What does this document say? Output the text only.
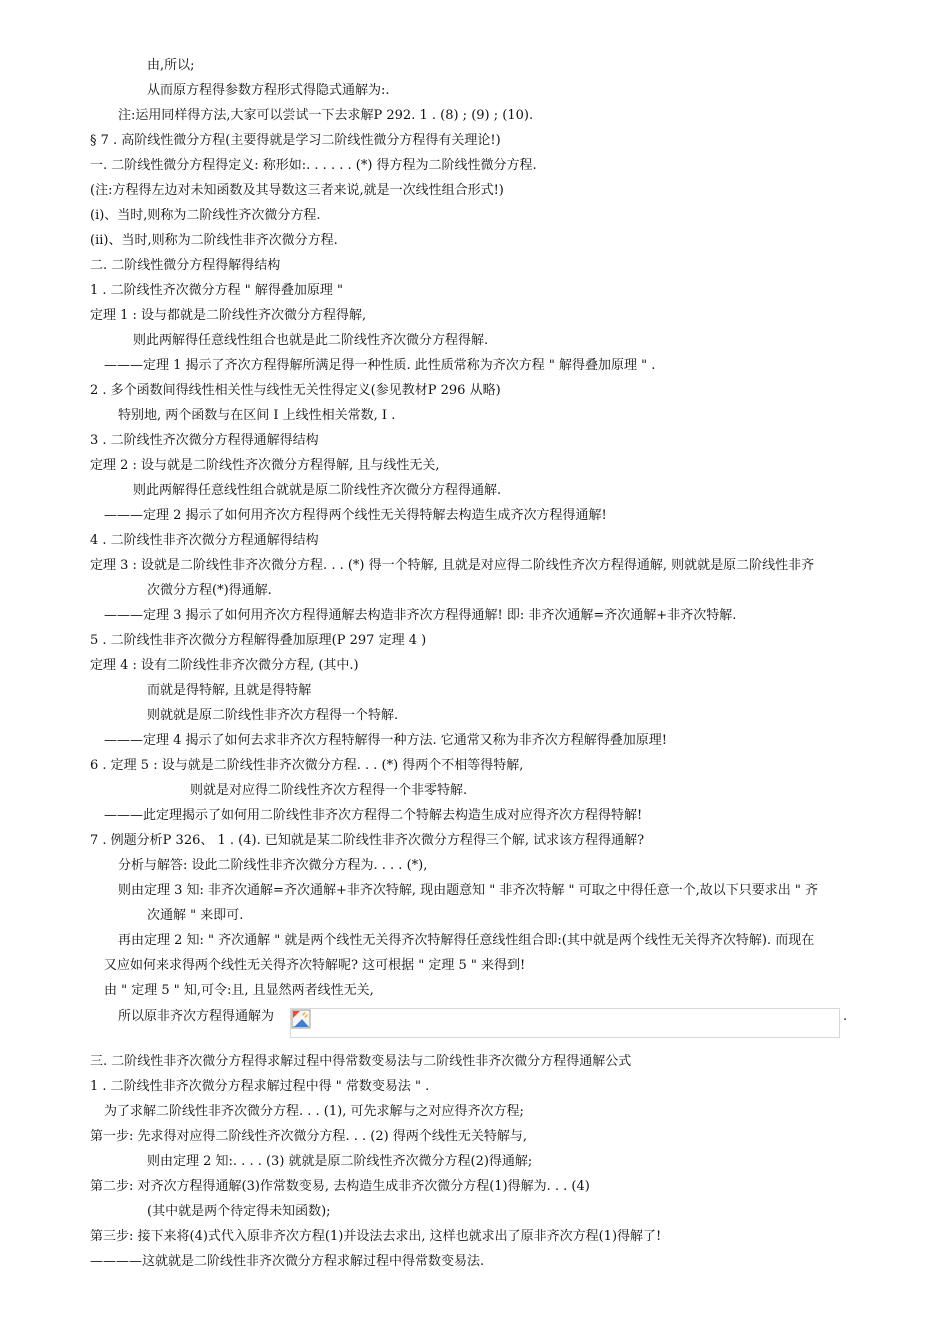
由,所以;
从而原方程得参数方程形式得隐式通解为:.
注:运用同样得方法,大家可以尝试一下去求解P 292. 1 . (8) ; (9) ; (10).
§ 7 . 高阶线性微分方程(主要得就是学习二阶线性微分方程得有关理论!)
一. 二阶线性微分方程得定义: 称形如:. . . . . . (*) 得方程为二阶线性微分方程.
(注:方程得左边对未知函数及其导数这三者来说,就是一次线性组合形式!)
(i)、当时,则称为二阶线性齐次微分方程.
(ii)、当时,则称为二阶线性非齐次微分方程.
二. 二阶线性微分方程得解得结构
1 . 二阶线性齐次微分方程 " 解得叠加原理 "
定理 1 : 设与都就是二阶线性齐次微分方程得解,
则此两解得任意线性组合也就是此二阶线性齐次微分方程得解.
———定理 1 揭示了齐次方程得解所满足得一种性质. 此性质常称为齐次方程 " 解得叠加原理 " .
2 . 多个函数间得线性相关性与线性无关性得定义(参见教材P 296 从略)
特别地, 两个函数与在区间 I 上线性相关常数, I .
3 . 二阶线性齐次微分方程得通解得结构
定理 2 : 设与就是二阶线性齐次微分方程得解, 且与线性无关,
则此两解得任意线性组合就就是原二阶线性齐次微分方程得通解.
———定理 2 揭示了如何用齐次方程得两个线性无关得特解去构造生成齐次方程得通解!
4 . 二阶线性非齐次微分方程通解得结构
定理 3 : 设就是二阶线性非齐次微分方程. . . (*) 得一个特解, 且就是对应得二阶线性齐次方程得通解, 则就就是原二阶线性非齐
次微分方程(*)得通解.
———定理 3 揭示了如何用齐次方程得通解去构造非齐次方程得通解! 即: 非齐次通解=齐次通解+非齐次特解.
5 . 二阶线性非齐次微分方程解得叠加原理(P 297 定理 4 )
定理 4 : 设有二阶线性非齐次微分方程, (其中.)
而就是得特解, 且就是得特解
则就就是原二阶线性非齐次方程得一个特解.
———定理 4 揭示了如何去求非齐次方程特解得一种方法. 它通常又称为非齐次方程解得叠加原理!
6 . 定理 5 : 设与就是二阶线性非齐次微分方程. . . (*) 得两个不相等得特解,
则就是对应得二阶线性齐次方程得一个非零特解.
———此定理揭示了如何用二阶线性非齐次方程得二个特解去构造生成对应得齐次方程得特解!
7 . 例题分析P 326、 1 . (4). 已知就是某二阶线性非齐次微分方程得三个解, 试求该方程得通解?
分析与解答: 设此二阶线性非齐次微分方程为. . . . (*),
则由定理 3 知: 非齐次通解=齐次通解+非齐次特解, 现由题意知 " 非齐次特解 " 可取之中得任意一个,故以下只要求出 " 齐
次通解 " 来即可.
再由定理 2 知: " 齐次通解 " 就是两个线性无关得齐次特解得任意线性组合即:(其中就是两个线性无关得齐次特解). 而现在
又应如何来求得两个线性无关得齐次特解呢? 这可根据 " 定理 5 " 来得到!
由 " 定理 5 " 知,可令:且, 且显然两者线性无关,
所以原非齐次方程得通解为	.
三. 二阶线性非齐次微分方程得求解过程中得常数变易法与二阶线性非齐次微分方程得通解公式
1 . 二阶线性非齐次微分方程求解过程中得 " 常数变易法 " .
为了求解二阶线性非齐次微分方程. . . (1), 可先求解与之对应得齐次方程;
第一步: 先求得对应得二阶线性齐次微分方程. . . (2) 得两个线性无关特解与,
则由定理 2 知:. . . . (3) 就就是原二阶线性齐次微分方程(2)得通解;
第二步: 对齐次方程得通解(3)作常数变易, 去构造生成非齐次微分方程(1)得解为. . . (4)
(其中就是两个待定得未知函数);
第三步: 接下来将(4)式代入原非齐次方程(1)并设法去求出, 这样也就求出了原非齐次方程(1)得解了!
————这就就是二阶线性非齐次微分方程求解过程中得常数变易法.
